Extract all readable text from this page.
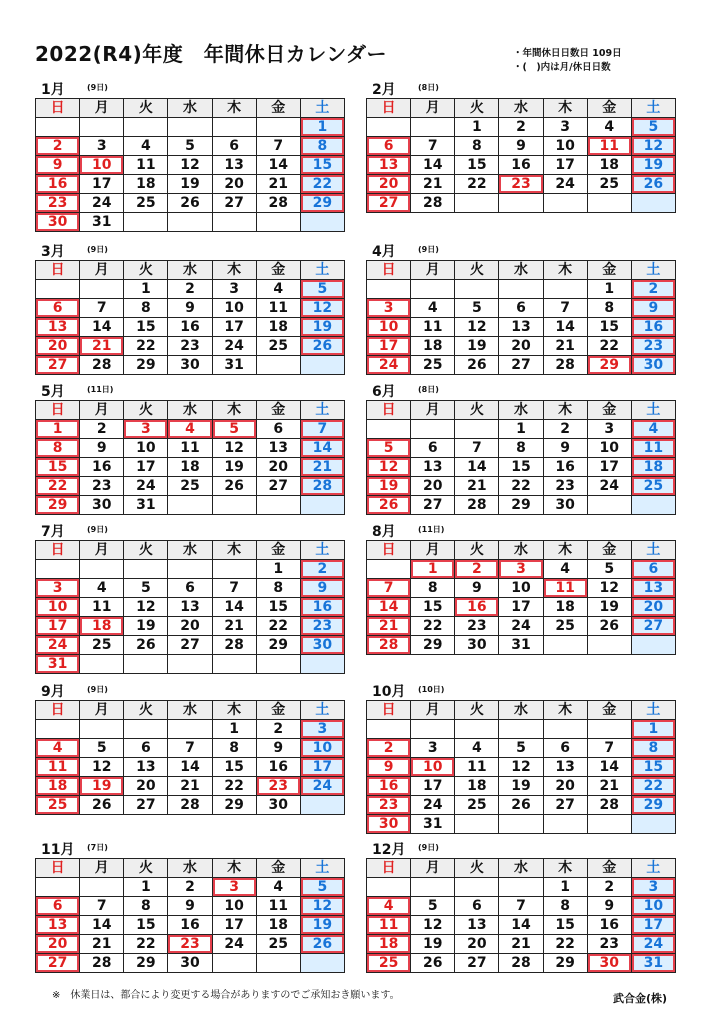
2022(R4)年度　年間休日カレンダー	・年間休日日数日 109日
・(　)内は月/休日日数
1月	(9日)
日	月	火	水	木	金	土
						1
2	3	4	5	6	7	8
9	10	11	12	13	14	15
16	17	18	19	20	21	22
23	24	25	26	27	28	29
30	31					
2月	(8日)
日	月	火	水	木	金	土
		1	2	3	4	5
6	7	8	9	10	11	12
13	14	15	16	17	18	19
20	21	22	23	24	25	26
27	28					
3月	(9日)
日	月	火	水	木	金	土
		1	2	3	4	5
6	7	8	9	10	11	12
13	14	15	16	17	18	19
20	21	22	23	24	25	26
27	28	29	30	31		
4月	(9日)
日	月	火	水	木	金	土
					1	2
3	4	5	6	7	8	9
10	11	12	13	14	15	16
17	18	19	20	21	22	23
24	25	26	27	28	29	30
5月	(11日)
日	月	火	水	木	金	土
1	2	3	4	5	6	7
8	9	10	11	12	13	14
15	16	17	18	19	20	21
22	23	24	25	26	27	28
29	30	31				
6月	(8日)
日	月	火	水	木	金	土
			1	2	3	4
5	6	7	8	9	10	11
12	13	14	15	16	17	18
19	20	21	22	23	24	25
26	27	28	29	30		
7月	(9日)
日	月	火	水	木	金	土
					1	2
3	4	5	6	7	8	9
10	11	12	13	14	15	16
17	18	19	20	21	22	23
24	25	26	27	28	29	30
31						
8月	(11日)
日	月	火	水	木	金	土
	1	2	3	4	5	6
7	8	9	10	11	12	13
14	15	16	17	18	19	20
21	22	23	24	25	26	27
28	29	30	31			
9月	(9日)
日	月	火	水	木	金	土
				1	2	3
4	5	6	7	8	9	10
11	12	13	14	15	16	17
18	19	20	21	22	23	24
25	26	27	28	29	30	
10月 (10日)
日	月	火	水	木	金	土
						1
2	3	4	5	6	7	8
9	10	11	12	13	14	15
16	17	18	19	20	21	22
23	24	25	26	27	28	29
30	31					
11月 (7日)
日	月	火	水	木	金	土
		1	2	3	4	5
6	7	8	9	10	11	12
13	14	15	16	17	18	19
20	21	22	23	24	25	26
27	28	29	30			
12月 (9日)
日	月	火	水	木	金	土
				1	2	3
4	5	6	7	8	9	10
11	12	13	14	15	16	17
18	19	20	21	22	23	24
25	26	27	28	29	30	31
※　休業日は、都合により変更する場合がありますのでご承知おき願います。	武合金(株)
